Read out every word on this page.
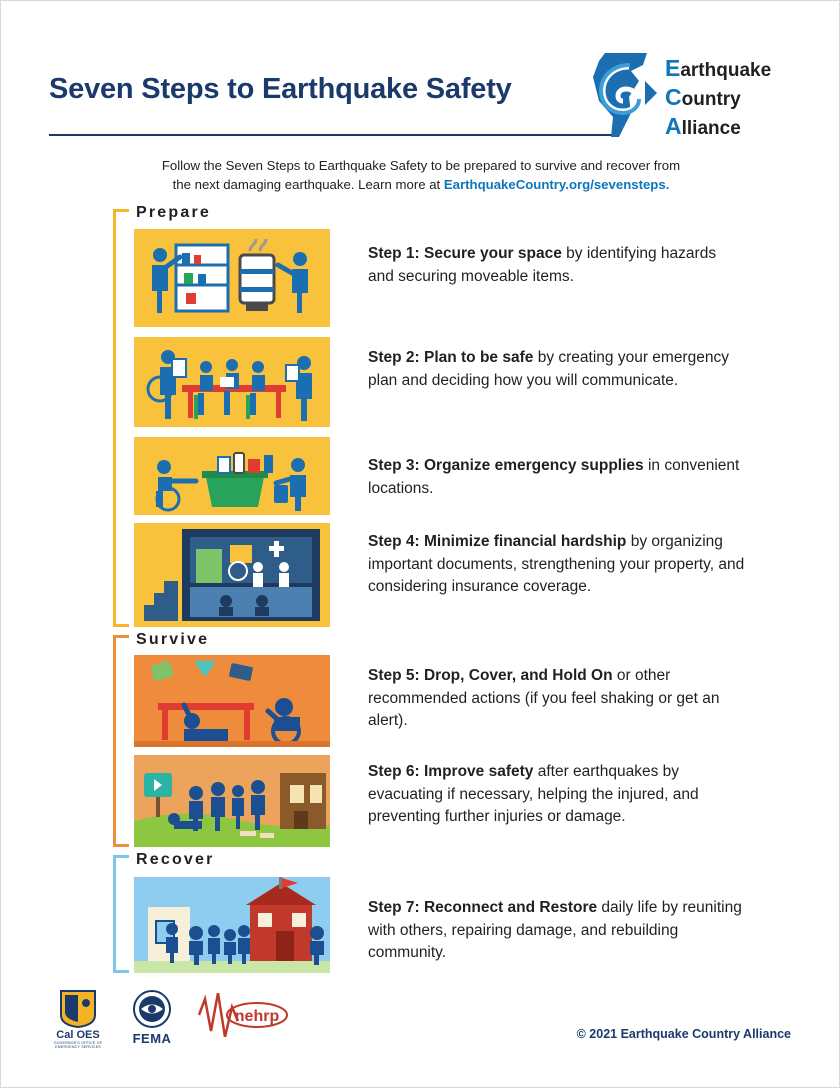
Seven Steps to Earthquake Safety
Earthquake
Country
Alliance
Follow the Seven Steps to Earthquake Safety to be prepared to survive and recover from
the next damaging earthquake. Learn more at EarthquakeCountry.org/sevensteps.
Prepare
Step 1: Secure your space by identifying hazards and securing moveable items.
Step 2: Plan to be safe by creating your emergency plan and deciding how you will communicate.
Step 3: Organize emergency supplies in convenient locations.
Step 4: Minimize financial hardship by organizing important documents, strengthening your property, and considering insurance coverage.
Survive
Step 5: Drop, Cover, and Hold On or other recommended actions (if you feel shaking or get an alert).
Step 6: Improve safety after earthquakes by evacuating if necessary, helping the injured, and preventing further injuries or damage.
Recover
Step 7: Reconnect and Restore daily life by reuniting with others, repairing damage, and rebuilding community.
Cal OES
GOVERNOR'S OFFICE OF EMERGENCY SERVICES
FEMA
nehrp
© 2021 Earthquake Country Alliance
